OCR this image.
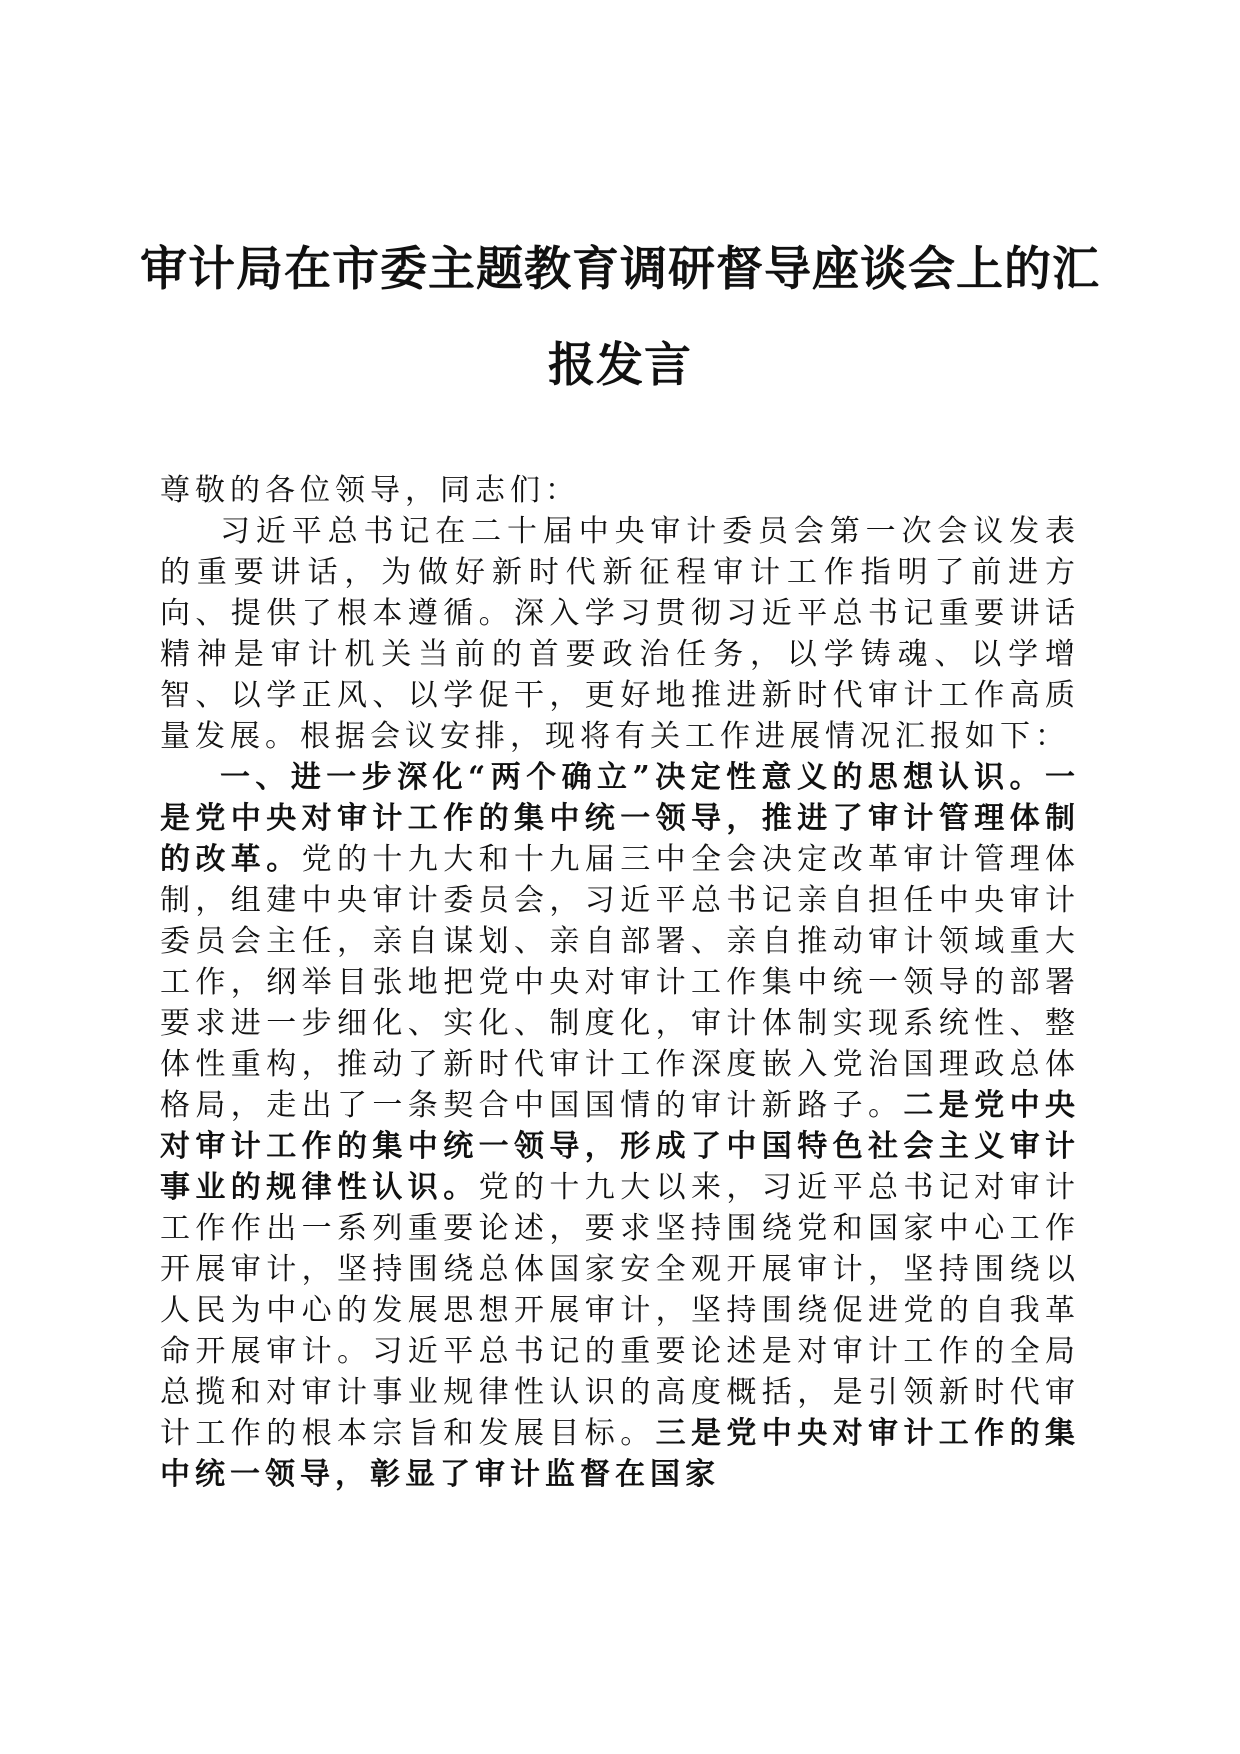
审计局在市委主题教育调研督导座谈会上的汇报发言

尊敬的各位领导，同志们：

习近平总书记在二十届中央审计委员会第一次会议发表的重要讲话，为做好新时代新征程审计工作指明了前进方向、提供了根本遵循。深入学习贯彻习近平总书记重要讲话精神是审计机关当前的首要政治任务，以学铸魂、以学增智、以学正风、以学促干，更好地推进新时代审计工作高质量发展。根据会议安排，现将有关工作进展情况汇报如下：

一、进一步深化“两个确立”决定性意义的思想认识。一是党中央对审计工作的集中统一领导，推进了审计管理体制的改革。党的十九大和十九届三中全会决定改革审计管理体制，组建中央审计委员会，习近平总书记亲自担任中央审计委员会主任，亲自谋划、亲自部署、亲自推动审计领域重大工作，纲举目张地把党中央对审计工作集中统一领导的部署要求进一步细化、实化、制度化，审计体制实现系统性、整体性重构，推动了新时代审计工作深度嵌入党治国理政总体格局，走出了一条契合中国国情的审计新路子。二是党中央对审计工作的集中统一领导，形成了中国特色社会主义审计事业的规律性认识。党的十九大以来，习近平总书记对审计工作作出一系列重要论述，要求坚持围绕党和国家中心工作开展审计，坚持围绕总体国家安全观开展审计，坚持围绕以人民为中心的发展思想开展审计，坚持围绕促进党的自我革命开展审计。习近平总书记的重要论述是对审计工作的全局总揽和对审计事业规律性认识的高度概括，是引领新时代审计工作的根本宗旨和发展目标。三是党中央对审计工作的集中统一领导，彰显了审计监督在国家
